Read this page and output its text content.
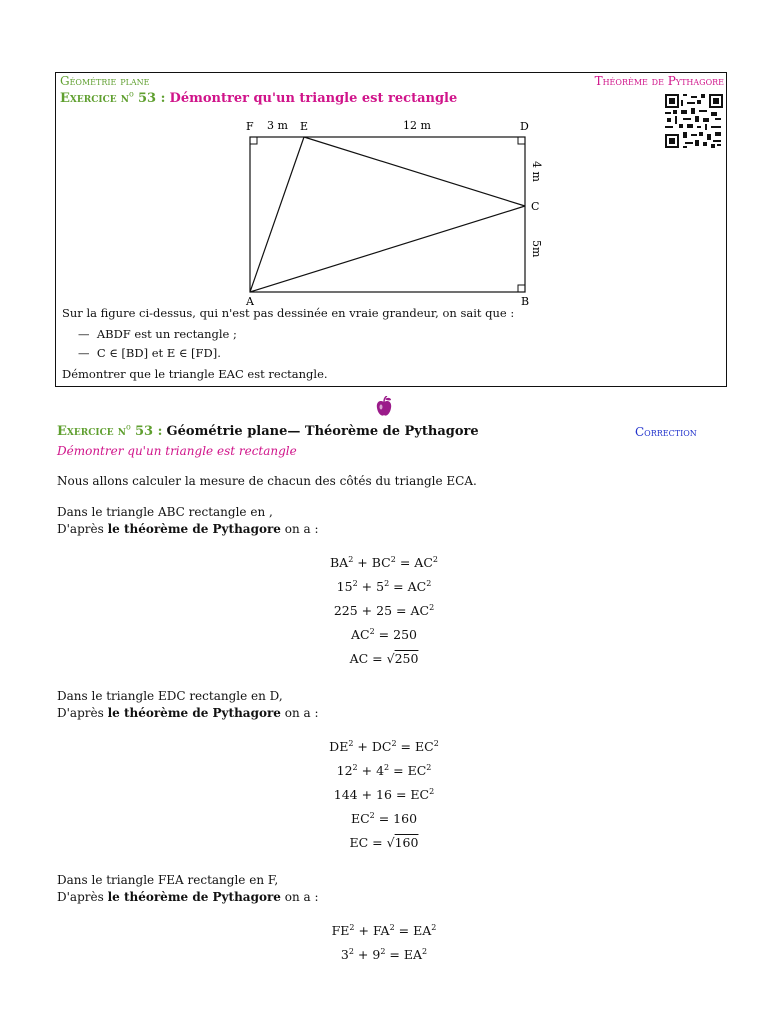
Géométrie plane	Théorème de Pythagore
Exercice $n^o$ 53 : Démontrer qu'un triangle est rectangle
F	E	D
C
A	B
3 m	12 m
4 m
5m
Sur la figure ci-dessus, qui n'est pas dessinée en vraie grandeur, on sait que :
— ABDF est un rectangle ;
— C ∈ [BD] et E ∈ [FD].
Démontrer que le triangle EAC est rectangle.
Exercice $n^o$ 53 : Géométrie plane— Théorème de Pythagore	Correction
Démontrer qu'un triangle est rectangle
Nous allons calculer la mesure de chacun des côtés du triangle ECA.
Dans le triangle ABC rectangle en ,
D'après le théorème de Pythagore on a :
$BA^2 + BC^2 = AC^2$
$15^2 + 5^2 = AC^2$
$225 + 25 = AC^2$
$AC^2 = 250$
AC = √250
Dans le triangle EDC rectangle en D,
D'après le théorème de Pythagore on a :
$DE^2 + DC^2 = EC^2$
$12^2 + 4^2 = EC^2$
$144 + 16 = EC^2$
$EC^2 = 160$
EC = √160
Dans le triangle FEA rectangle en F,
D'après le théorème de Pythagore on a :
$FE^2 + FA^2 = EA^2$
$3^2 + 9^2 = EA^2$
